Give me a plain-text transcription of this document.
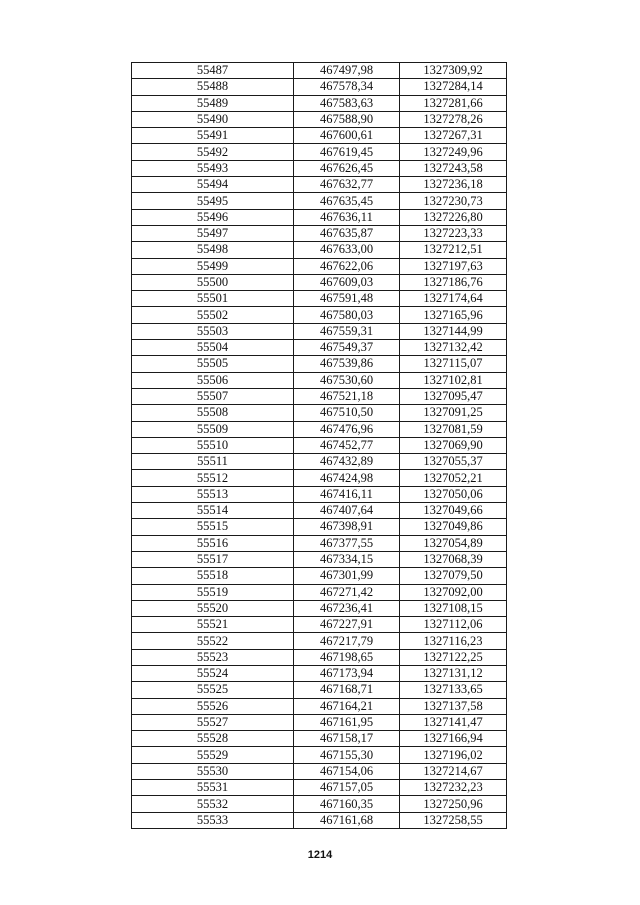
55487	467497,98	1327309,92
55488	467578,34	1327284,14
55489	467583,63	1327281,66
55490	467588,90	1327278,26
55491	467600,61	1327267,31
55492	467619,45	1327249,96
55493	467626,45	1327243,58
55494	467632,77	1327236,18
55495	467635,45	1327230,73
55496	467636,11	1327226,80
55497	467635,87	1327223,33
55498	467633,00	1327212,51
55499	467622,06	1327197,63
55500	467609,03	1327186,76
55501	467591,48	1327174,64
55502	467580,03	1327165,96
55503	467559,31	1327144,99
55504	467549,37	1327132,42
55505	467539,86	1327115,07
55506	467530,60	1327102,81
55507	467521,18	1327095,47
55508	467510,50	1327091,25
55509	467476,96	1327081,59
55510	467452,77	1327069,90
55511	467432,89	1327055,37
55512	467424,98	1327052,21
55513	467416,11	1327050,06
55514	467407,64	1327049,66
55515	467398,91	1327049,86
55516	467377,55	1327054,89
55517	467334,15	1327068,39
55518	467301,99	1327079,50
55519	467271,42	1327092,00
55520	467236,41	1327108,15
55521	467227,91	1327112,06
55522	467217,79	1327116,23
55523	467198,65	1327122,25
55524	467173,94	1327131,12
55525	467168,71	1327133,65
55526	467164,21	1327137,58
55527	467161,95	1327141,47
55528	467158,17	1327166,94
55529	467155,30	1327196,02
55530	467154,06	1327214,67
55531	467157,05	1327232,23
55532	467160,35	1327250,96
55533	467161,68	1327258,55
1214
